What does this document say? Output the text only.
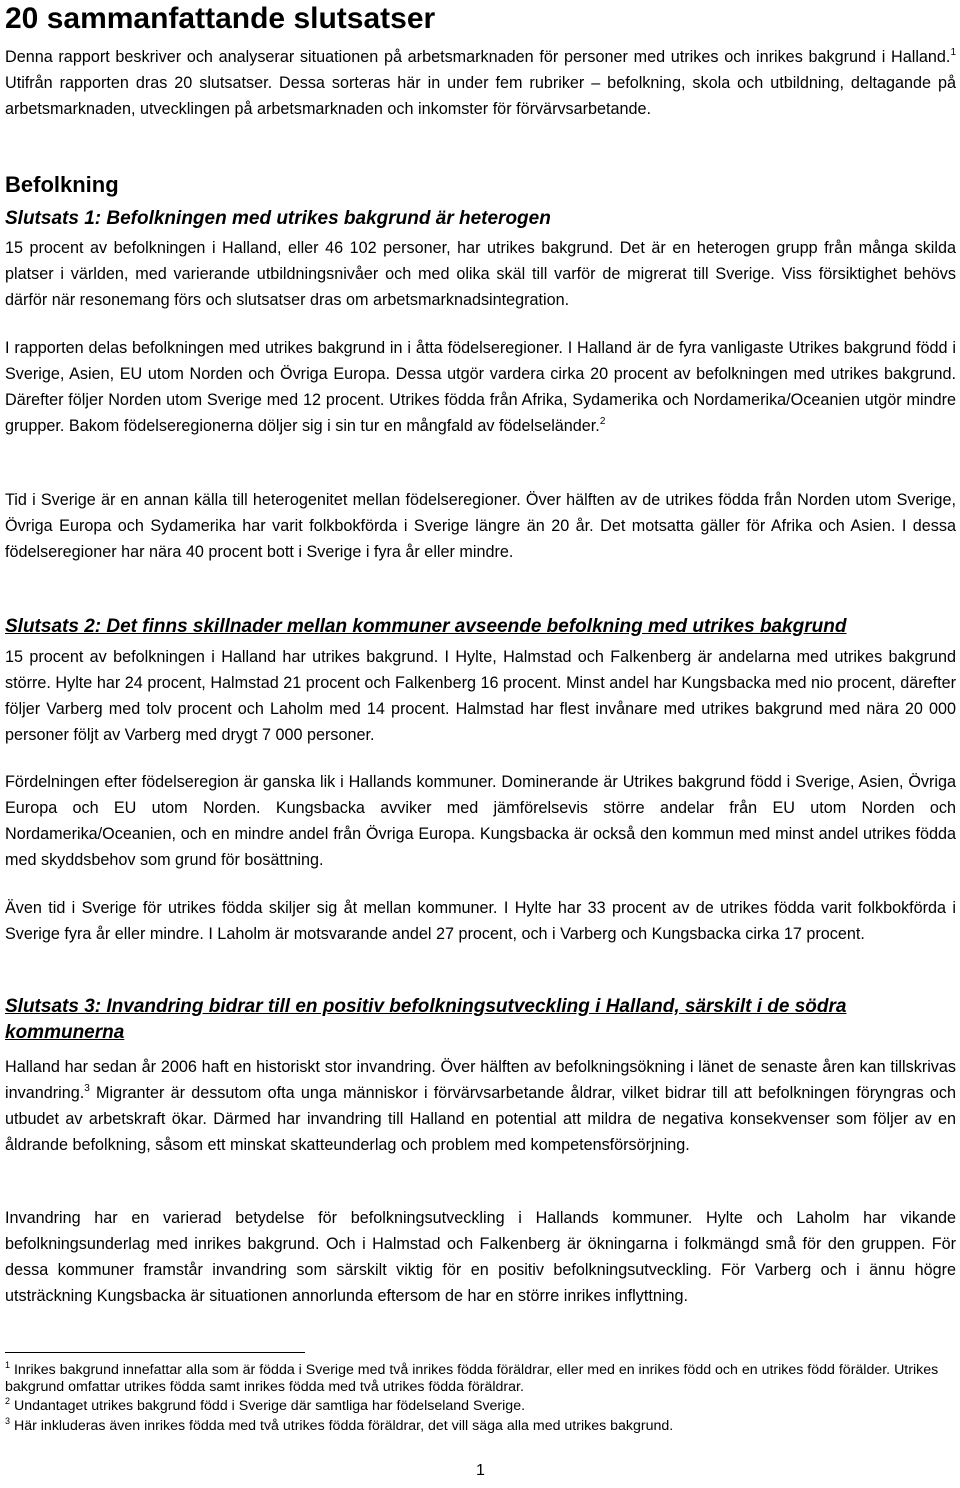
20 sammanfattande slutsatser

Denna rapport beskriver och analyserar situationen på arbetsmarknaden för personer med utrikes och inrikes bakgrund i Halland.$^1$ Utifrån rapporten dras 20 slutsatser. Dessa sorteras här in under fem rubriker – befolkning, skola och utbildning, deltagande på arbetsmarknaden, utvecklingen på arbetsmarknaden och inkomster för förvärvsarbetande.

Befolkning
Slutsats 1: Befolkningen med utrikes bakgrund är heterogen

15 procent av befolkningen i Halland, eller 46 102 personer, har utrikes bakgrund. Det är en heterogen grupp från många skilda platser i världen, med varierande utbildningsnivåer och med olika skäl till varför de migrerat till Sverige. Viss försiktighet behövs därför när resonemang förs och slutsatser dras om arbetsmarknadsintegration.

I rapporten delas befolkningen med utrikes bakgrund in i åtta födelseregioner. I Halland är de fyra vanligaste Utrikes bakgrund född i Sverige, Asien, EU utom Norden och Övriga Europa. Dessa utgör vardera cirka 20 procent av befolkningen med utrikes bakgrund. Därefter följer Norden utom Sverige med 12 procent. Utrikes födda från Afrika, Sydamerika och Nordamerika/Oceanien utgör mindre grupper. Bakom födelseregionerna döljer sig i sin tur en mångfald av födelseländer.$^2$

Tid i Sverige är en annan källa till heterogenitet mellan födelseregioner. Över hälften av de utrikes födda från Norden utom Sverige, Övriga Europa och Sydamerika har varit folkbokförda i Sverige längre än 20 år. Det motsatta gäller för Afrika och Asien. I dessa födelseregioner har nära 40 procent bott i Sverige i fyra år eller mindre.

Slutsats 2: Det finns skillnader mellan kommuner avseende befolkning med utrikes bakgrund

15 procent av befolkningen i Halland har utrikes bakgrund. I Hylte, Halmstad och Falkenberg är andelarna med utrikes bakgrund större. Hylte har 24 procent, Halmstad 21 procent och Falkenberg 16 procent. Minst andel har Kungsbacka med nio procent, därefter följer Varberg med tolv procent och Laholm med 14 procent. Halmstad har flest invånare med utrikes bakgrund med nära 20 000 personer följt av Varberg med drygt 7 000 personer.

Fördelningen efter födelseregion är ganska lik i Hallands kommuner. Dominerande är Utrikes bakgrund född i Sverige, Asien, Övriga Europa och EU utom Norden. Kungsbacka avviker med jämförelsevis större andelar från EU utom Norden och Nordamerika/Oceanien, och en mindre andel från Övriga Europa. Kungsbacka är också den kommun med minst andel utrikes födda med skyddsbehov som grund för bosättning.

Även tid i Sverige för utrikes födda skiljer sig åt mellan kommuner. I Hylte har 33 procent av de utrikes födda varit folkbokförda i Sverige fyra år eller mindre. I Laholm är motsvarande andel 27 procent, och i Varberg och Kungsbacka cirka 17 procent.

Slutsats 3: Invandring bidrar till en positiv befolkningsutveckling i Halland, särskilt i de södra kommunerna

Halland har sedan år 2006 haft en historiskt stor invandring. Över hälften av befolkningsökning i länet de senaste åren kan tillskrivas invandring.$^3$ Migranter är dessutom ofta unga människor i förvärvsarbetande åldrar, vilket bidrar till att befolkningen föryngras och utbudet av arbetskraft ökar. Därmed har invandring till Halland en potential att mildra de negativa konsekvenser som följer av en åldrande befolkning, såsom ett minskat skatteunderlag och problem med kompetensförsörjning.

Invandring har en varierad betydelse för befolkningsutveckling i Hallands kommuner. Hylte och Laholm har vikande befolkningsunderlag med inrikes bakgrund. Och i Halmstad och Falkenberg är ökningarna i folkmängd små för den gruppen. För dessa kommuner framstår invandring som särskilt viktig för en positiv befolkningsutveckling. För Varberg och i ännu högre utsträckning Kungsbacka är situationen annorlunda eftersom de har en större inrikes inflyttning.

$^1$ Inrikes bakgrund innefattar alla som är födda i Sverige med två inrikes födda föräldrar, eller med en inrikes född och en utrikes född förälder. Utrikes bakgrund omfattar utrikes födda samt inrikes födda med två utrikes födda föräldrar.

$^2$ Undantaget utrikes bakgrund född i Sverige där samtliga har födelseland Sverige.

$^3$ Här inkluderas även inrikes födda med två utrikes födda föräldrar, det vill säga alla med utrikes bakgrund.

1
